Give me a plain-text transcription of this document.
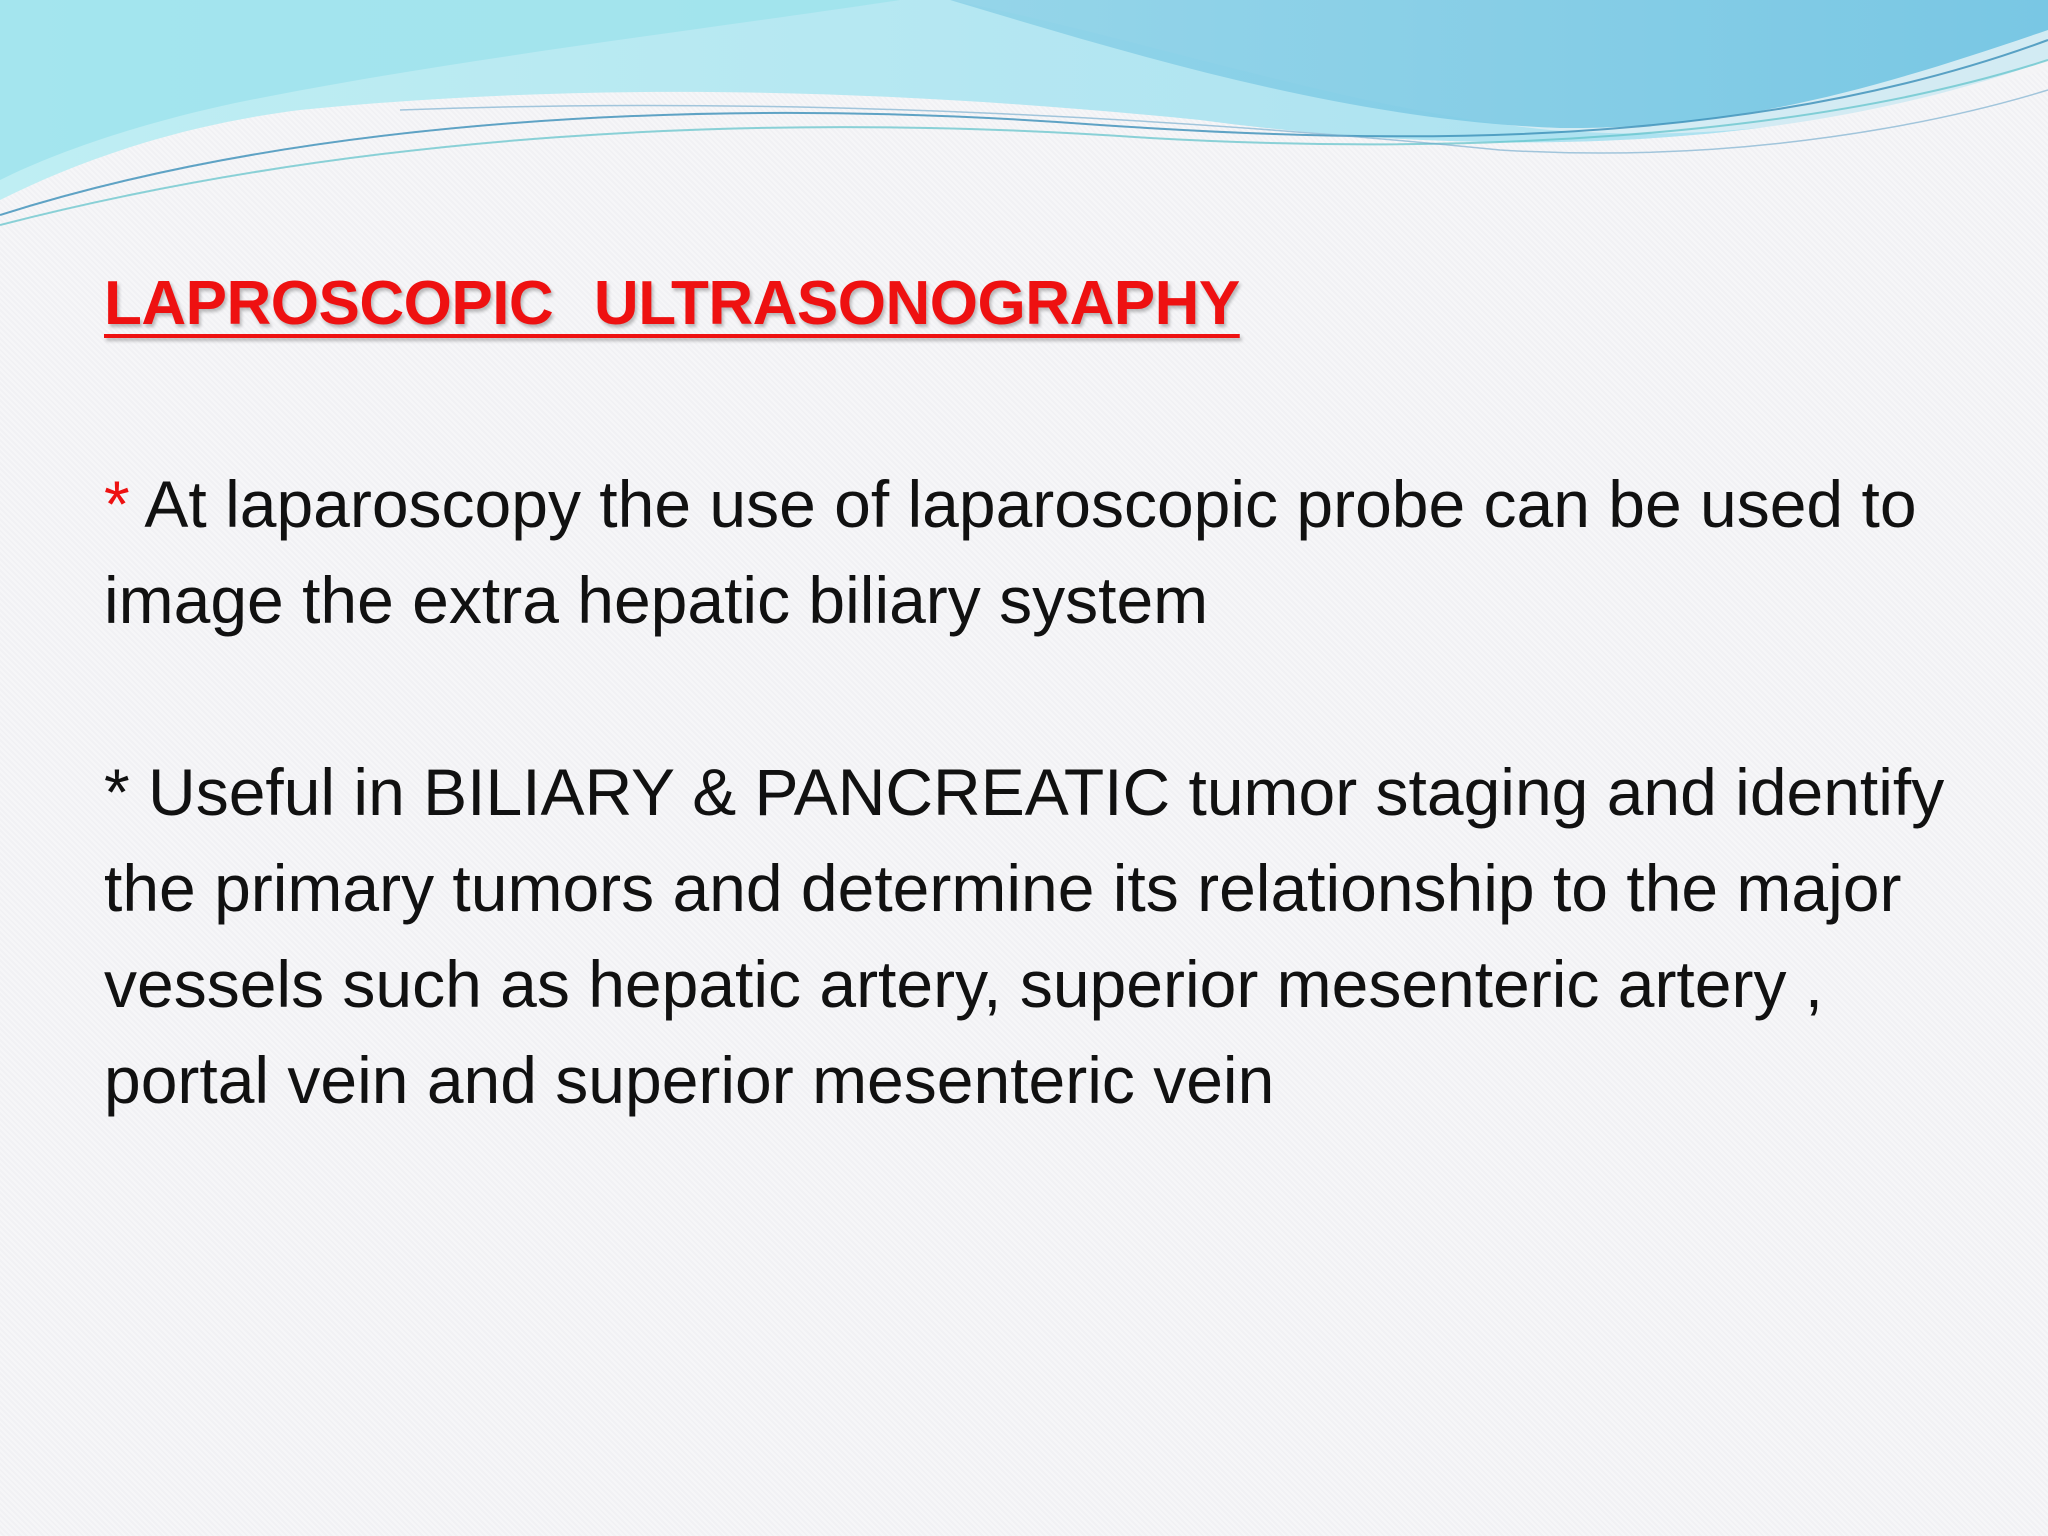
LAPROSCOPIC ULTRASONOGRAPHY

* At laparoscopy the use of laparoscopic probe can be used to image the extra hepatic biliary system

* Useful in BILIARY & PANCREATIC tumor staging and identify the primary tumors and determine its relationship to the major vessels such as hepatic artery, superior mesenteric artery , portal vein and superior mesenteric vein
